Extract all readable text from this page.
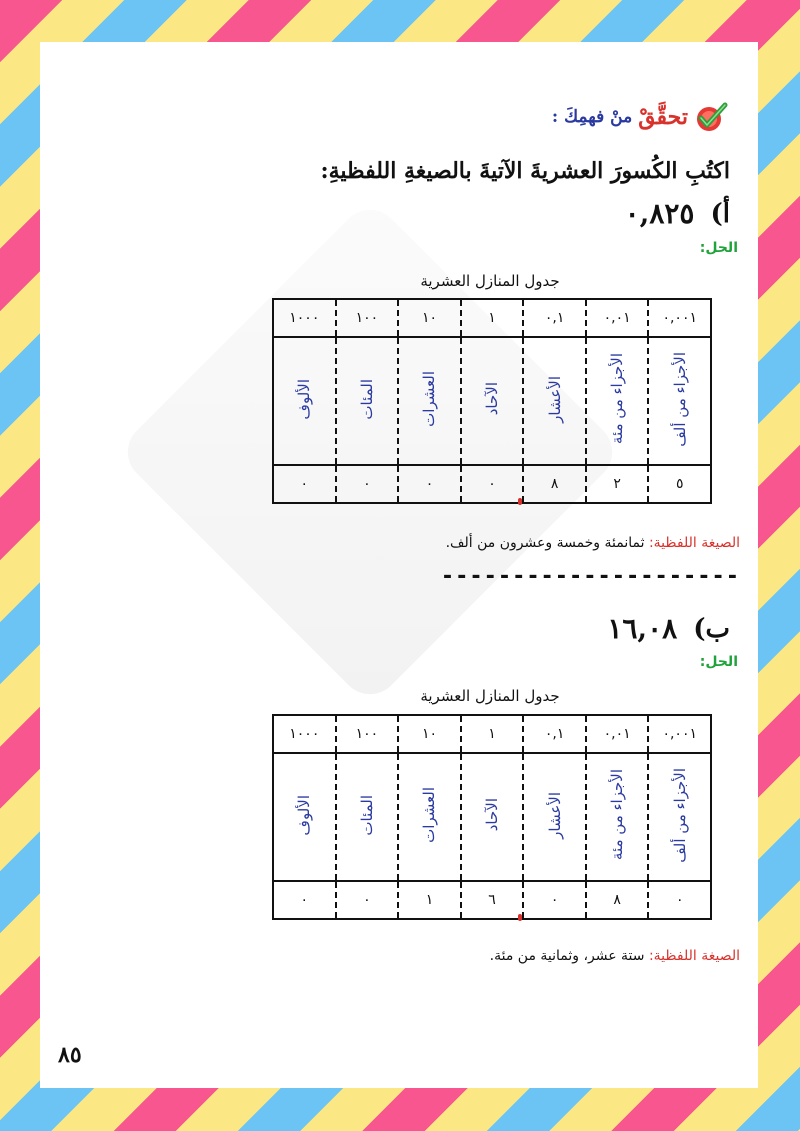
تحقَّقْ
منْ فهمِكَ :
اكتُبِ الكُسورَ العشريةَ الآتيةَ بالصيغةِ اللفظيةِ:
أ)
٠,٨٢٥
الحل:
جدول المنازل العشرية
٠,٠٠١	٠,٠١	٠,١	١	١٠	١٠٠	١٠٠٠
الأجزاء من ألف	الأجزاء من مئة	الأعشار	الآحاد	العشرات	المئات	الألوف
٥	٢	٨	٠	٠	٠	٠
الصيغة اللفظية: ثمانمئة وخمسة وعشرون من ألف.
---------------------
ب)
١٦,٠٨
الحل:
جدول المنازل العشرية
٠,٠٠١	٠,٠١	٠,١	١	١٠	١٠٠	١٠٠٠
الأجزاء من ألف	الأجزاء من مئة	الأعشار	الآحاد	العشرات	المئات	الألوف
٠	٨	٠	٦	١	٠	٠
الصيغة اللفظية: ستة عشر، وثمانية من مئة.
٨٥
